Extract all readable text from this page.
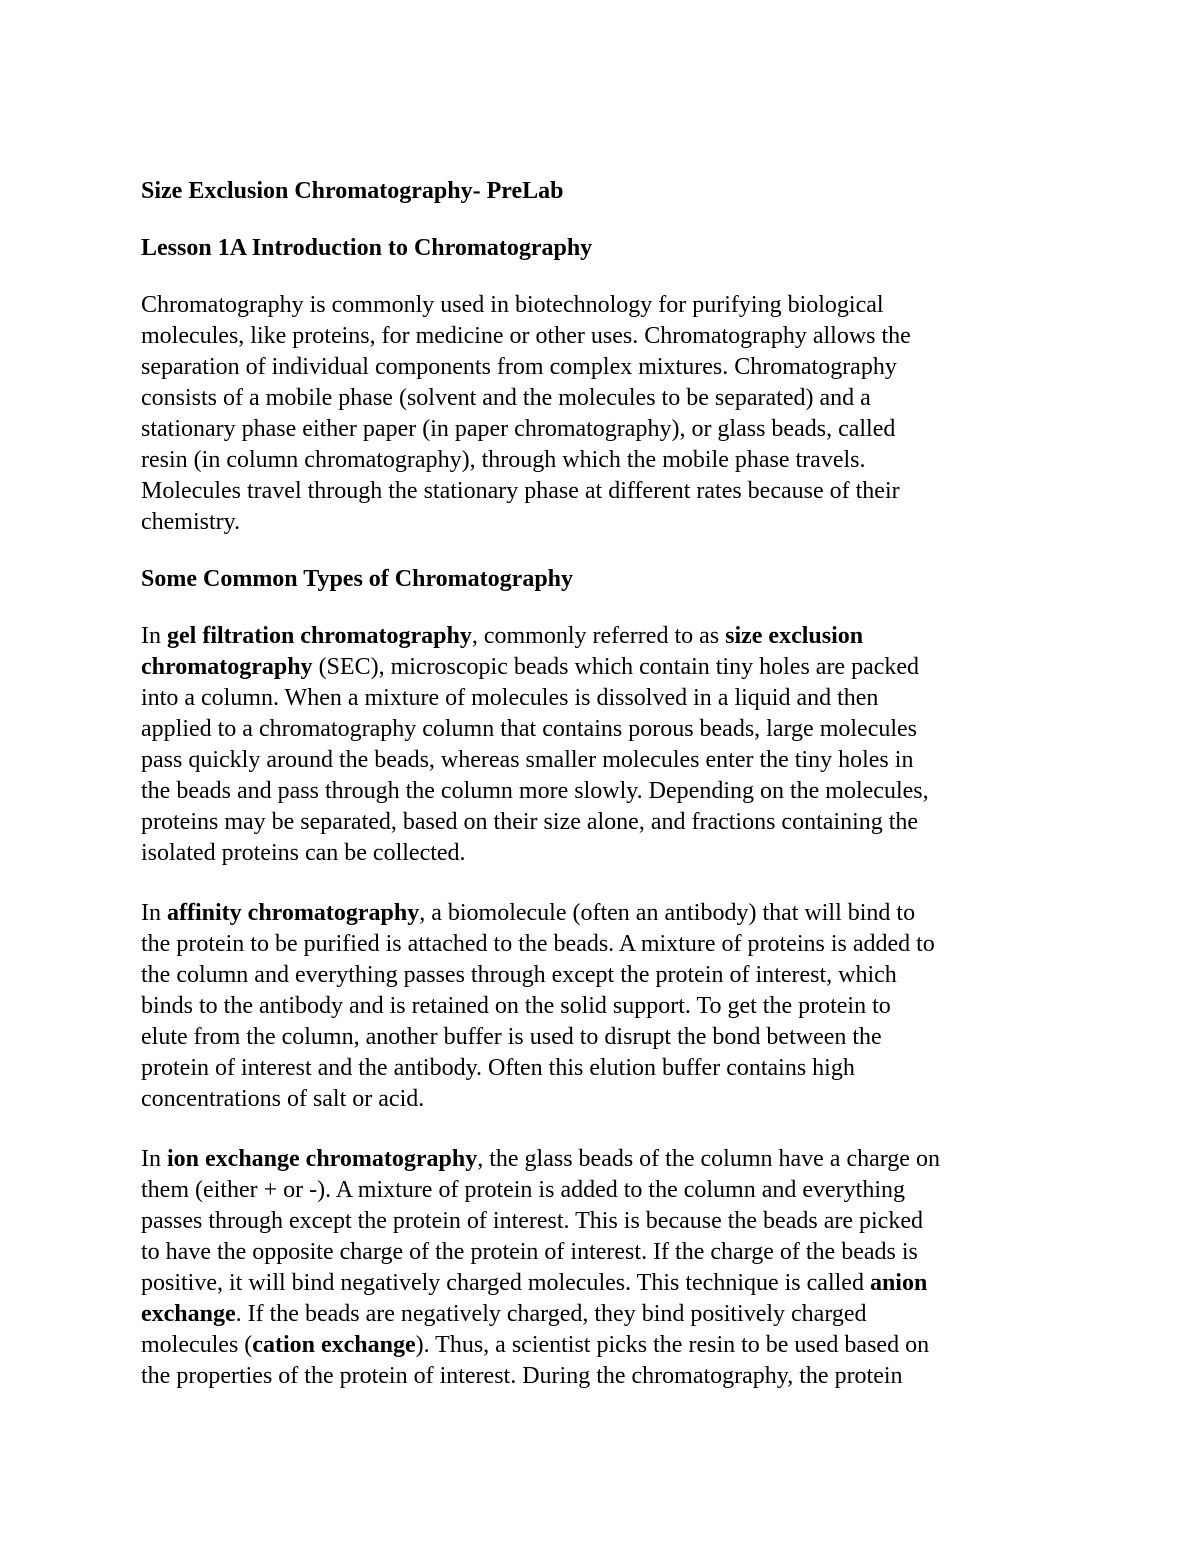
Size Exclusion Chromatography- PreLab

Lesson 1A Introduction to Chromatography

Chromatography is commonly used in biotechnology for purifying biological
molecules, like proteins, for medicine or other uses. Chromatography allows the
separation of individual components from complex mixtures. Chromatography
consists of a mobile phase (solvent and the molecules to be separated) and a
stationary phase either paper (in paper chromatography), or glass beads, called
resin (in column chromatography), through which the mobile phase travels.
Molecules travel through the stationary phase at different rates because of their
chemistry.

Some Common Types of Chromatography

In gel filtration chromatography, commonly referred to as size exclusion
chromatography (SEC), microscopic beads which contain tiny holes are packed
into a column. When a mixture of molecules is dissolved in a liquid and then
applied to a chromatography column that contains porous beads, large molecules
pass quickly around the beads, whereas smaller molecules enter the tiny holes in
the beads and pass through the column more slowly. Depending on the molecules,
proteins may be separated, based on their size alone, and fractions containing the
isolated proteins can be collected.

In affinity chromatography, a biomolecule (often an antibody) that will bind to
the protein to be purified is attached to the beads. A mixture of proteins is added to
the column and everything passes through except the protein of interest, which
binds to the antibody and is retained on the solid support. To get the protein to
elute from the column, another buffer is used to disrupt the bond between the
protein of interest and the antibody. Often this elution buffer contains high
concentrations of salt or acid.

In ion exchange chromatography, the glass beads of the column have a charge on
them (either + or -). A mixture of protein is added to the column and everything
passes through except the protein of interest. This is because the beads are picked
to have the opposite charge of the protein of interest. If the charge of the beads is
positive, it will bind negatively charged molecules. This technique is called anion
exchange. If the beads are negatively charged, they bind positively charged
molecules (cation exchange). Thus, a scientist picks the resin to be used based on
the properties of the protein of interest. During the chromatography, the protein
